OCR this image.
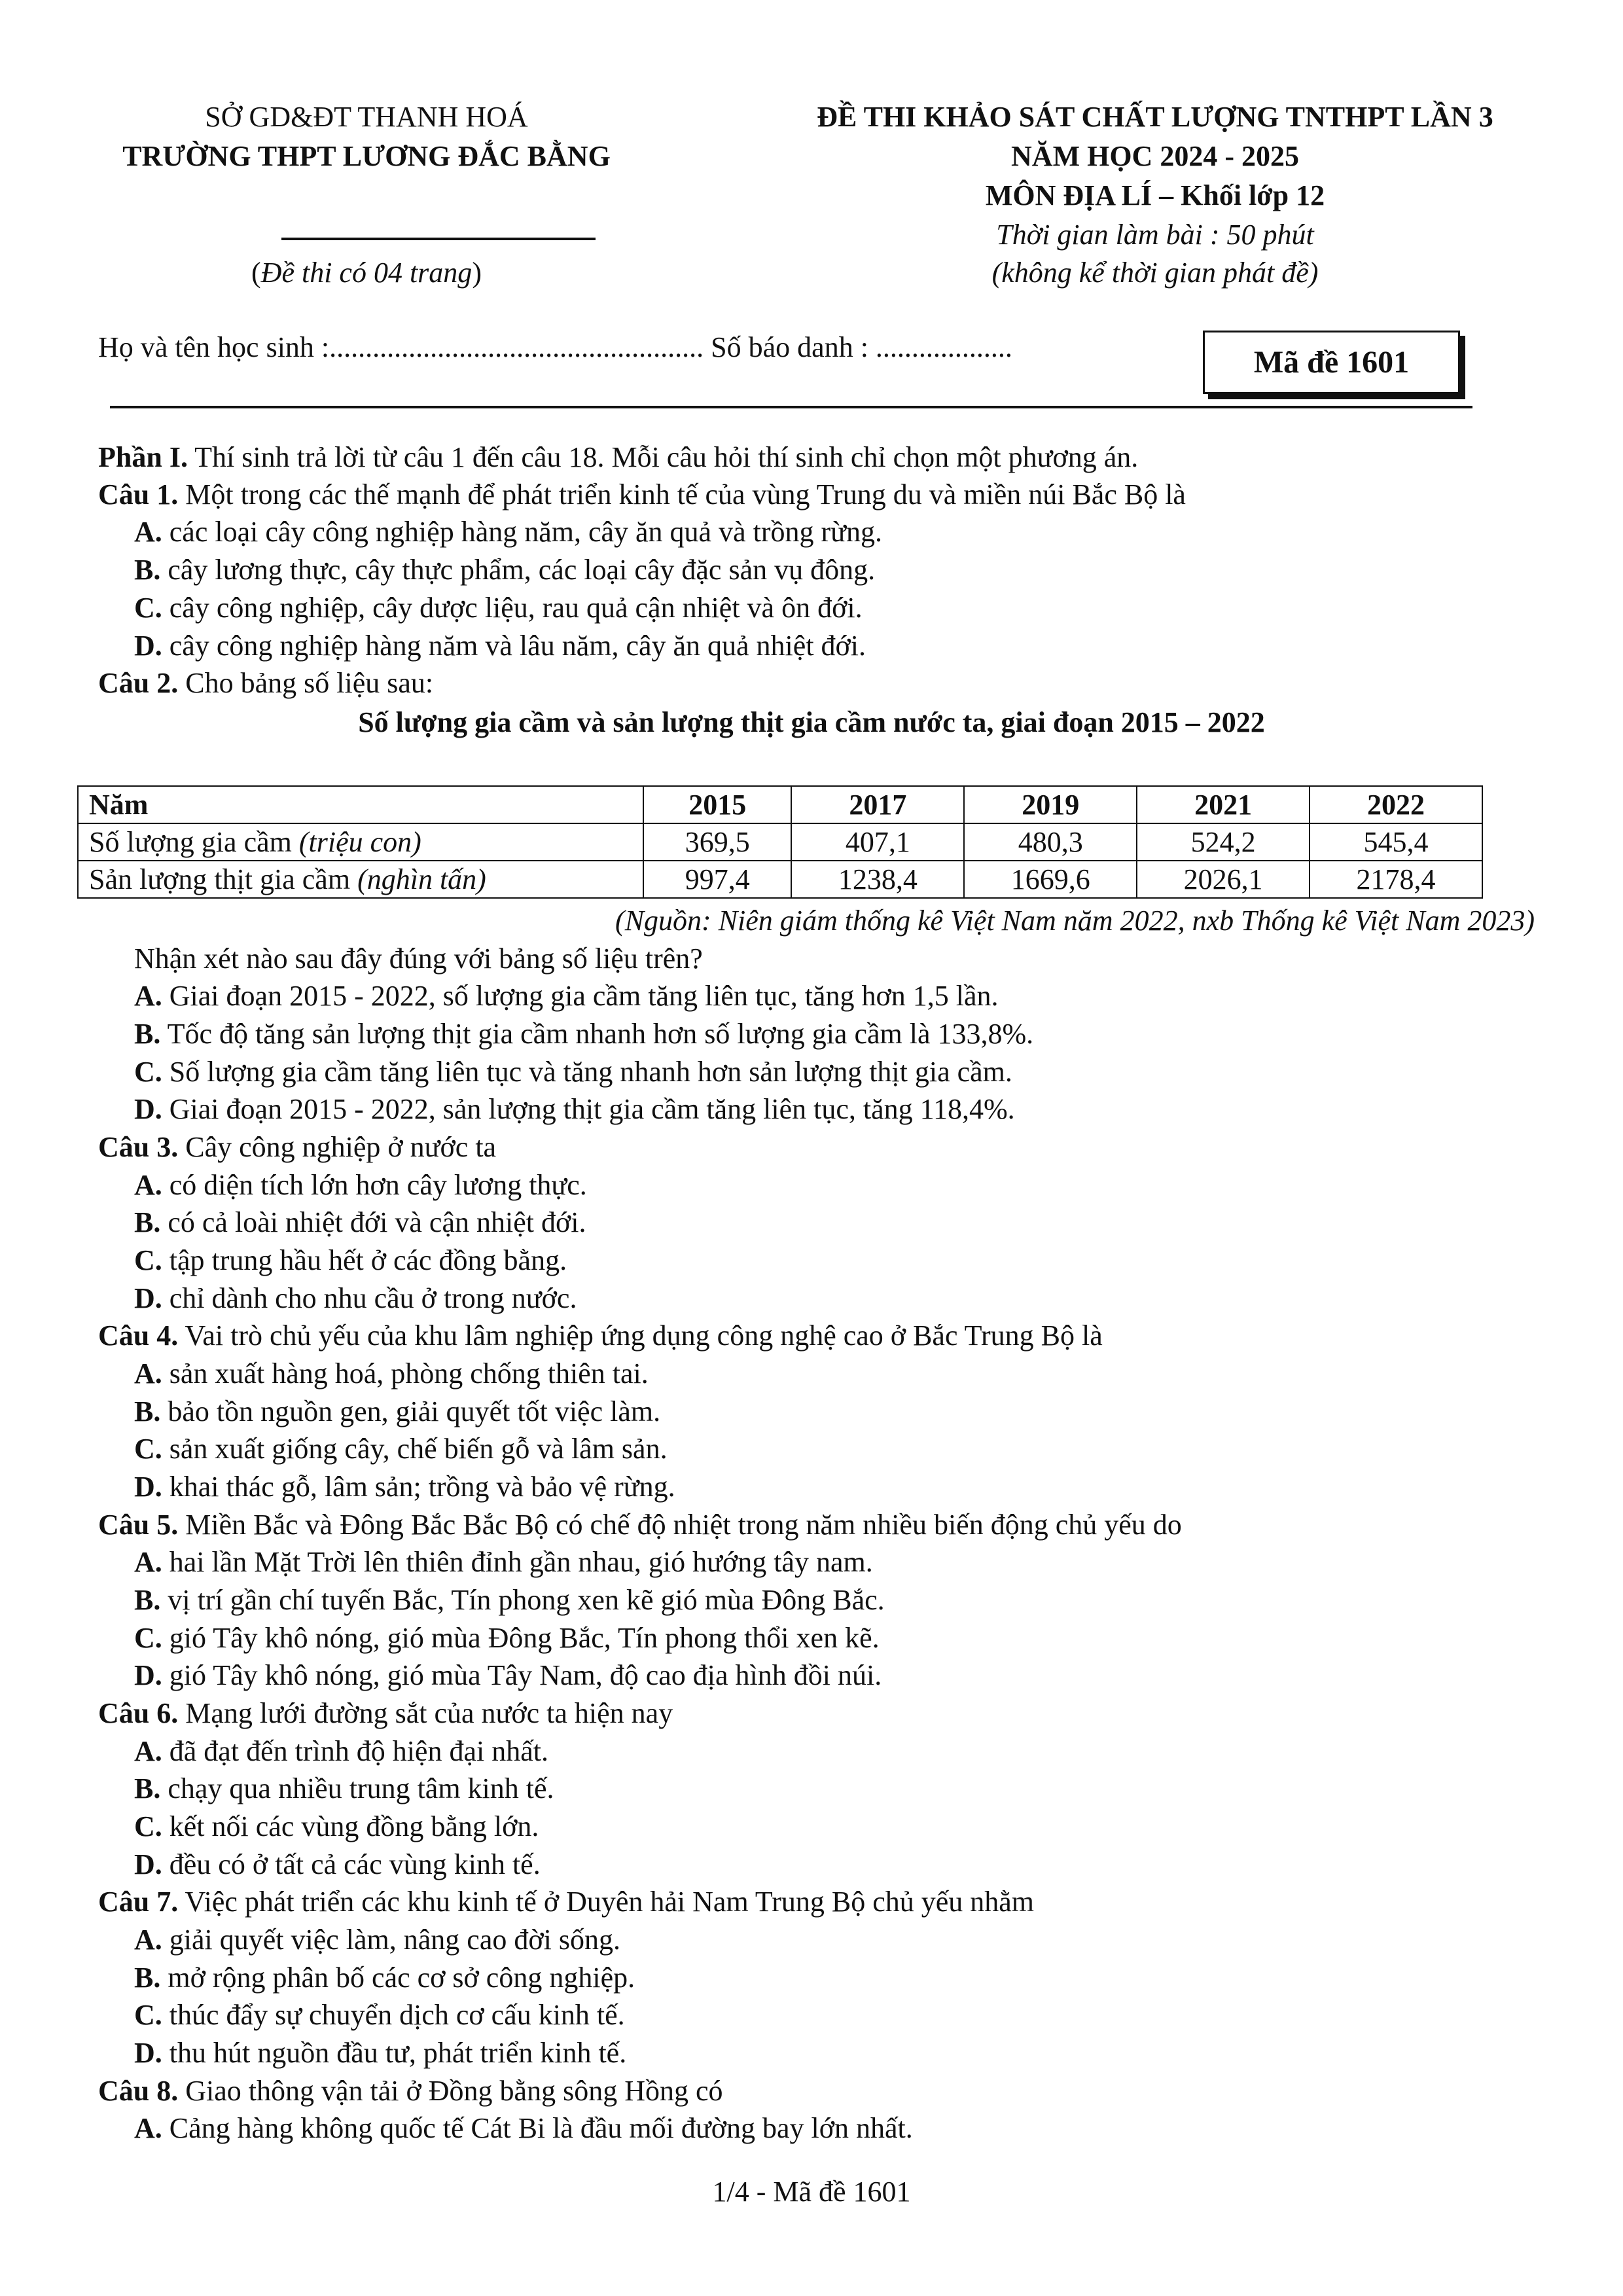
SỞ GD&ĐT THANH HOÁ
TRƯỜNG THPT LƯƠNG ĐẮC BẰNG
(Đề thi có 04 trang)
ĐỀ THI KHẢO SÁT CHẤT LƯỢNG TNTHPT LẦN 3
NĂM HỌC 2024 - 2025
MÔN ĐỊA LÍ – Khối lớp 12
Thời gian làm bài : 50 phút
(không kể thời gian phát đề)
Họ và tên học sinh :.................................................... Số báo danh : ...................	Mã đề 1601
Phần I. Thí sinh trả lời từ câu 1 đến câu 18. Mỗi câu hỏi thí sinh chỉ chọn một phương án.
Câu 1. Một trong các thế mạnh để phát triển kinh tế của vùng Trung du và miền núi Bắc Bộ là
A. các loại cây công nghiệp hàng năm, cây ăn quả và trồng rừng.
B. cây lương thực, cây thực phẩm, các loại cây đặc sản vụ đông.
C. cây công nghiệp, cây dược liệu, rau quả cận nhiệt và ôn đới.
D. cây công nghiệp hàng năm và lâu năm, cây ăn quả nhiệt đới.
Câu 2. Cho bảng số liệu sau:
Số lượng gia cầm và sản lượng thịt gia cầm nước ta, giai đoạn 2015 – 2022
Năm	2015	2017	2019	2021	2022
Số lượng gia cầm (triệu con)	369,5	407,1	480,3	524,2	545,4
Sản lượng thịt gia cầm (nghìn tấn)	997,4	1238,4	1669,6	2026,1	2178,4
(Nguồn: Niên giám thống kê Việt Nam năm 2022, nxb Thống kê Việt Nam 2023)
Nhận xét nào sau đây đúng với bảng số liệu trên?
A. Giai đoạn 2015 - 2022, số lượng gia cầm tăng liên tục, tăng hơn 1,5 lần.
B. Tốc độ tăng sản lượng thịt gia cầm nhanh hơn số lượng gia cầm là 133,8%.
C. Số lượng gia cầm tăng liên tục và tăng nhanh hơn sản lượng thịt gia cầm.
D. Giai đoạn 2015 - 2022, sản lượng thịt gia cầm tăng liên tục, tăng 118,4%.
Câu 3. Cây công nghiệp ở nước ta
A. có diện tích lớn hơn cây lương thực.
B. có cả loài nhiệt đới và cận nhiệt đới.
C. tập trung hầu hết ở các đồng bằng.
D. chỉ dành cho nhu cầu ở trong nước.
Câu 4. Vai trò chủ yếu của khu lâm nghiệp ứng dụng công nghệ cao ở Bắc Trung Bộ là
A. sản xuất hàng hoá, phòng chống thiên tai.
B. bảo tồn nguồn gen, giải quyết tốt việc làm.
C. sản xuất giống cây, chế biến gỗ và lâm sản.
D. khai thác gỗ, lâm sản; trồng và bảo vệ rừng.
Câu 5. Miền Bắc và Đông Bắc Bắc Bộ có chế độ nhiệt trong năm nhiều biến động chủ yếu do
A. hai lần Mặt Trời lên thiên đỉnh gần nhau, gió hướng tây nam.
B. vị trí gần chí tuyến Bắc, Tín phong xen kẽ gió mùa Đông Bắc.
C. gió Tây khô nóng, gió mùa Đông Bắc, Tín phong thổi xen kẽ.
D. gió Tây khô nóng, gió mùa Tây Nam, độ cao địa hình đồi núi.
Câu 6. Mạng lưới đường sắt của nước ta hiện nay
A. đã đạt đến trình độ hiện đại nhất.
B. chạy qua nhiều trung tâm kinh tế.
C. kết nối các vùng đồng bằng lớn.
D. đều có ở tất cả các vùng kinh tế.
Câu 7. Việc phát triển các khu kinh tế ở Duyên hải Nam Trung Bộ chủ yếu nhằm
A. giải quyết việc làm, nâng cao đời sống.
B. mở rộng phân bố các cơ sở công nghiệp.
C. thúc đẩy sự chuyển dịch cơ cấu kinh tế.
D. thu hút nguồn đầu tư, phát triển kinh tế.
Câu 8. Giao thông vận tải ở Đồng bằng sông Hồng có
A. Cảng hàng không quốc tế Cát Bi là đầu mối đường bay lớn nhất.
1/4 - Mã đề 1601
